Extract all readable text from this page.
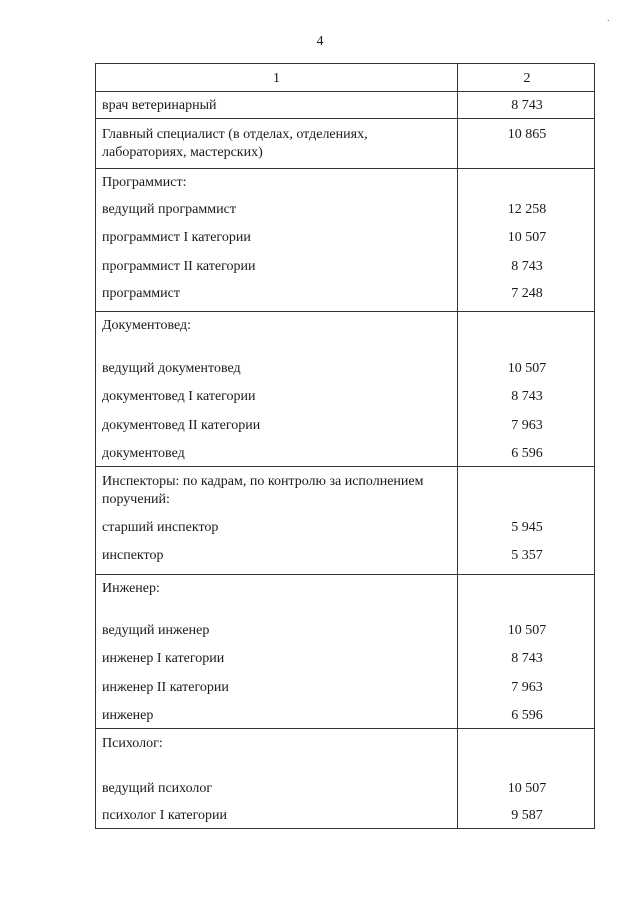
4
·
1	2
врач ветеринарный	8 743
Главный специалист (в отделах, отделениях,
лабораториях, мастерских)
10 865
Программист:
ведущий программист	12 258
программист I категории	10 507
программист II категории	8 743
программист	7 248
Документовед:
ведущий документовед	10 507
документовед I категории	8 743
документовед II категории	7 963
документовед	6 596
Инспекторы: по кадрам, по контролю за исполнением
поручений:
старший инспектор	5 945
инспектор	5 357
Инженер:
ведущий инженер	10 507
инженер I категории	8 743
инженер II категории	7 963
инженер	6 596
Психолог:
ведущий психолог	10 507
психолог I категории	9 587
